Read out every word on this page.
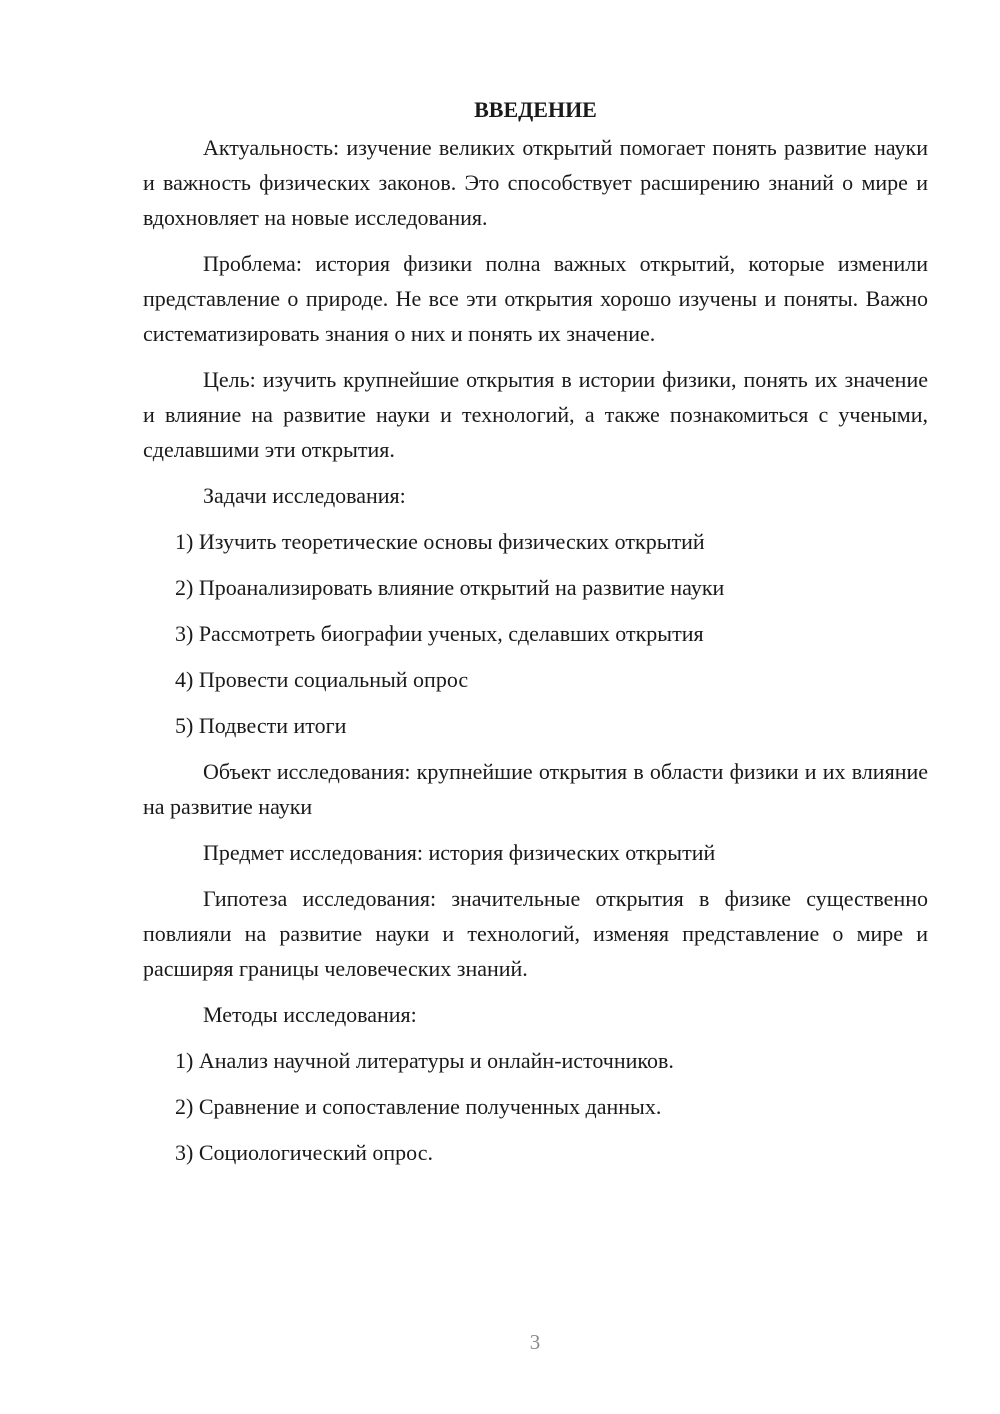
ВВЕДЕНИЕ

Актуальность: изучение великих открытий помогает понять развитие науки и важность физических законов. Это способствует расширению знаний о мире и вдохновляет на новые исследования.

Проблема: история физики полна важных открытий, которые изменили представление о природе. Не все эти открытия хорошо изучены и поняты. Важно систематизировать знания о них и понять их значение.

Цель: изучить крупнейшие открытия в истории физики, понять их значение и влияние на развитие науки и технологий, а также познакомиться с учеными, сделавшими эти открытия.

Задачи исследования:

1) Изучить теоретические основы физических открытий

2) Проанализировать влияние открытий на развитие науки

3) Рассмотреть биографии ученых, сделавших открытия

4) Провести социальный опрос

5) Подвести итоги

Объект исследования: крупнейшие открытия в области физики и их влияние на развитие науки

Предмет исследования: история физических открытий

Гипотеза исследования: значительные открытия в физике существенно повлияли на развитие науки и технологий, изменяя представление о мире и расширяя границы человеческих знаний.

Методы исследования:

1) Анализ научной литературы и онлайн-источников.

2) Сравнение и сопоставление полученных данных.

3) Социологический опрос.

3
